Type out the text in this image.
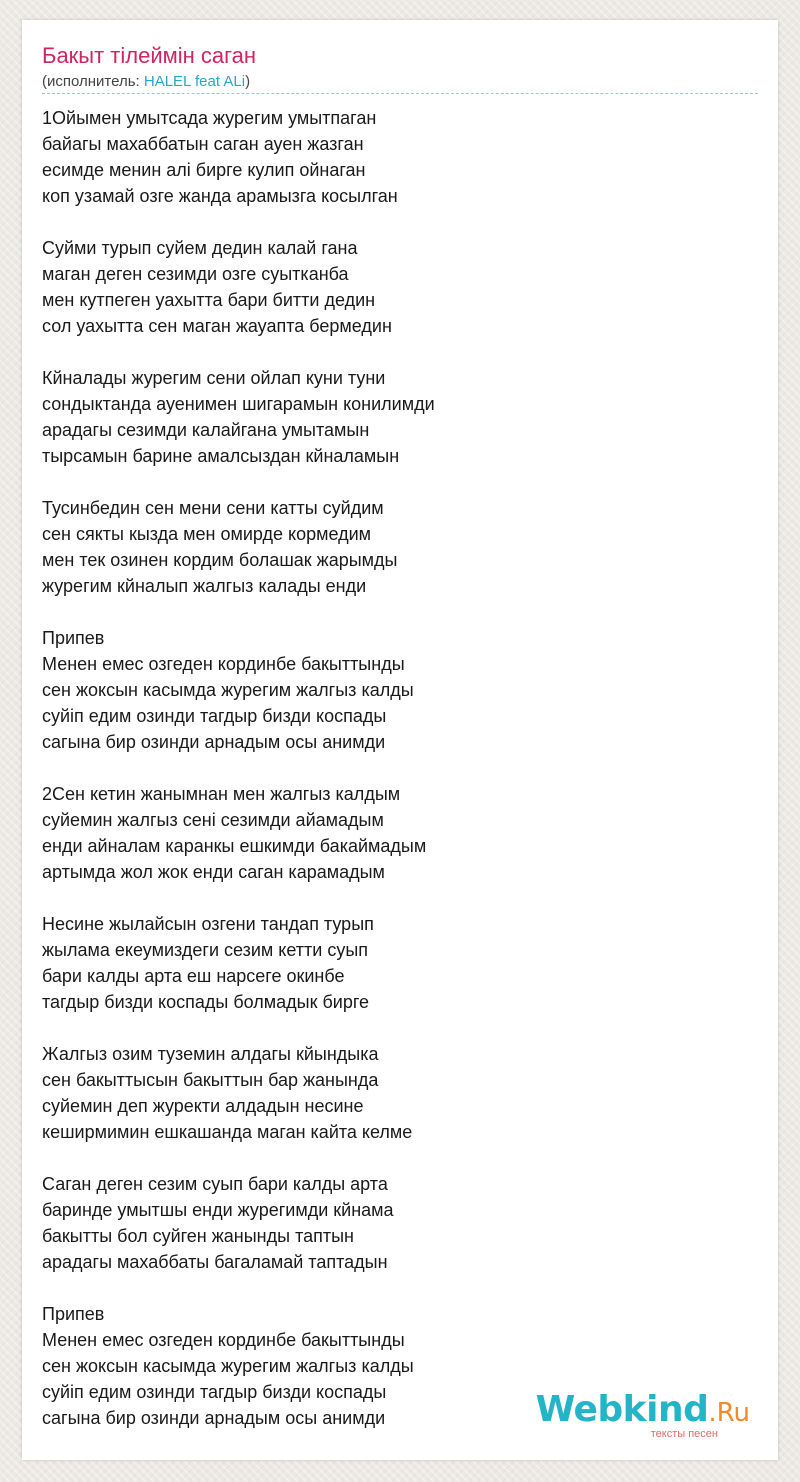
Бакыт тілеймін саган
(исполнитель: HALEL feat ALi)
1Ойымен умытсада журегим умытпаган
байагы махаббатын саган ауен жазган
есимде менин алі бирге кулип ойнаган
коп узамай озге жанда арамызга косылган
Суйми турып суйем дедин калай гана
маган деген сезимди озге суытканба
мен кутпеген уахытта бари битти дедин
сол уахытта сен маган жауапта бермедин
Кйналады журегим сени ойлап куни туни
сондыктанда ауенимен шигарамын конилимди
арадагы сезимди калайгана умытамын
тырсамын барине амалсыздан кйналамын
Тусинбедин сен мени сени катты суйдим
сен сякты кызда мен омирде кормедим
мен тек озинен кордим болашак жарымды
журегим кйналып жалгыз калады енди
Припев
Менен емес озгеден кординбе бакыттынды
сен жоксын касымда журегим жалгыз калды
суйіп едим озинди тагдыр бизди коспады
сагына бир озинди арнадым осы анимди
2Сен кетин жанымнан мен жалгыз калдым
суйемин жалгыз сені сезимди айамадым
енди айналам каранкы ешкимди бакаймадым
артымда жол жок енди саган карамадым
Несине жылайсын озгени тандап турып
жылама екеумиздеги сезим кетти суып
бари калды арта еш нарсеге окинбе
тагдыр бизди коспады болмадык бирге
Жалгыз озим туземин алдагы кйындыка
сен бакыттысын бакыттын бар жанында
суйемин деп журекти алдадын несине
кеширмимин ешкашанда маган кайта келме
Саган деген сезим суып бари калды арта
баринде умытшы енди журегимди кйнама
бакытты бол суйген жанынды таптын
арадагы махаббаты багаламай таптадын
Припев
Менен емес озгеден кординбе бакыттынды
сен жоксын касымда журегим жалгыз калды
суйіп едим озинди тагдыр бизди коспады
сагына бир озинди арнадым осы анимди	Webkind.Ru
тексты песен
